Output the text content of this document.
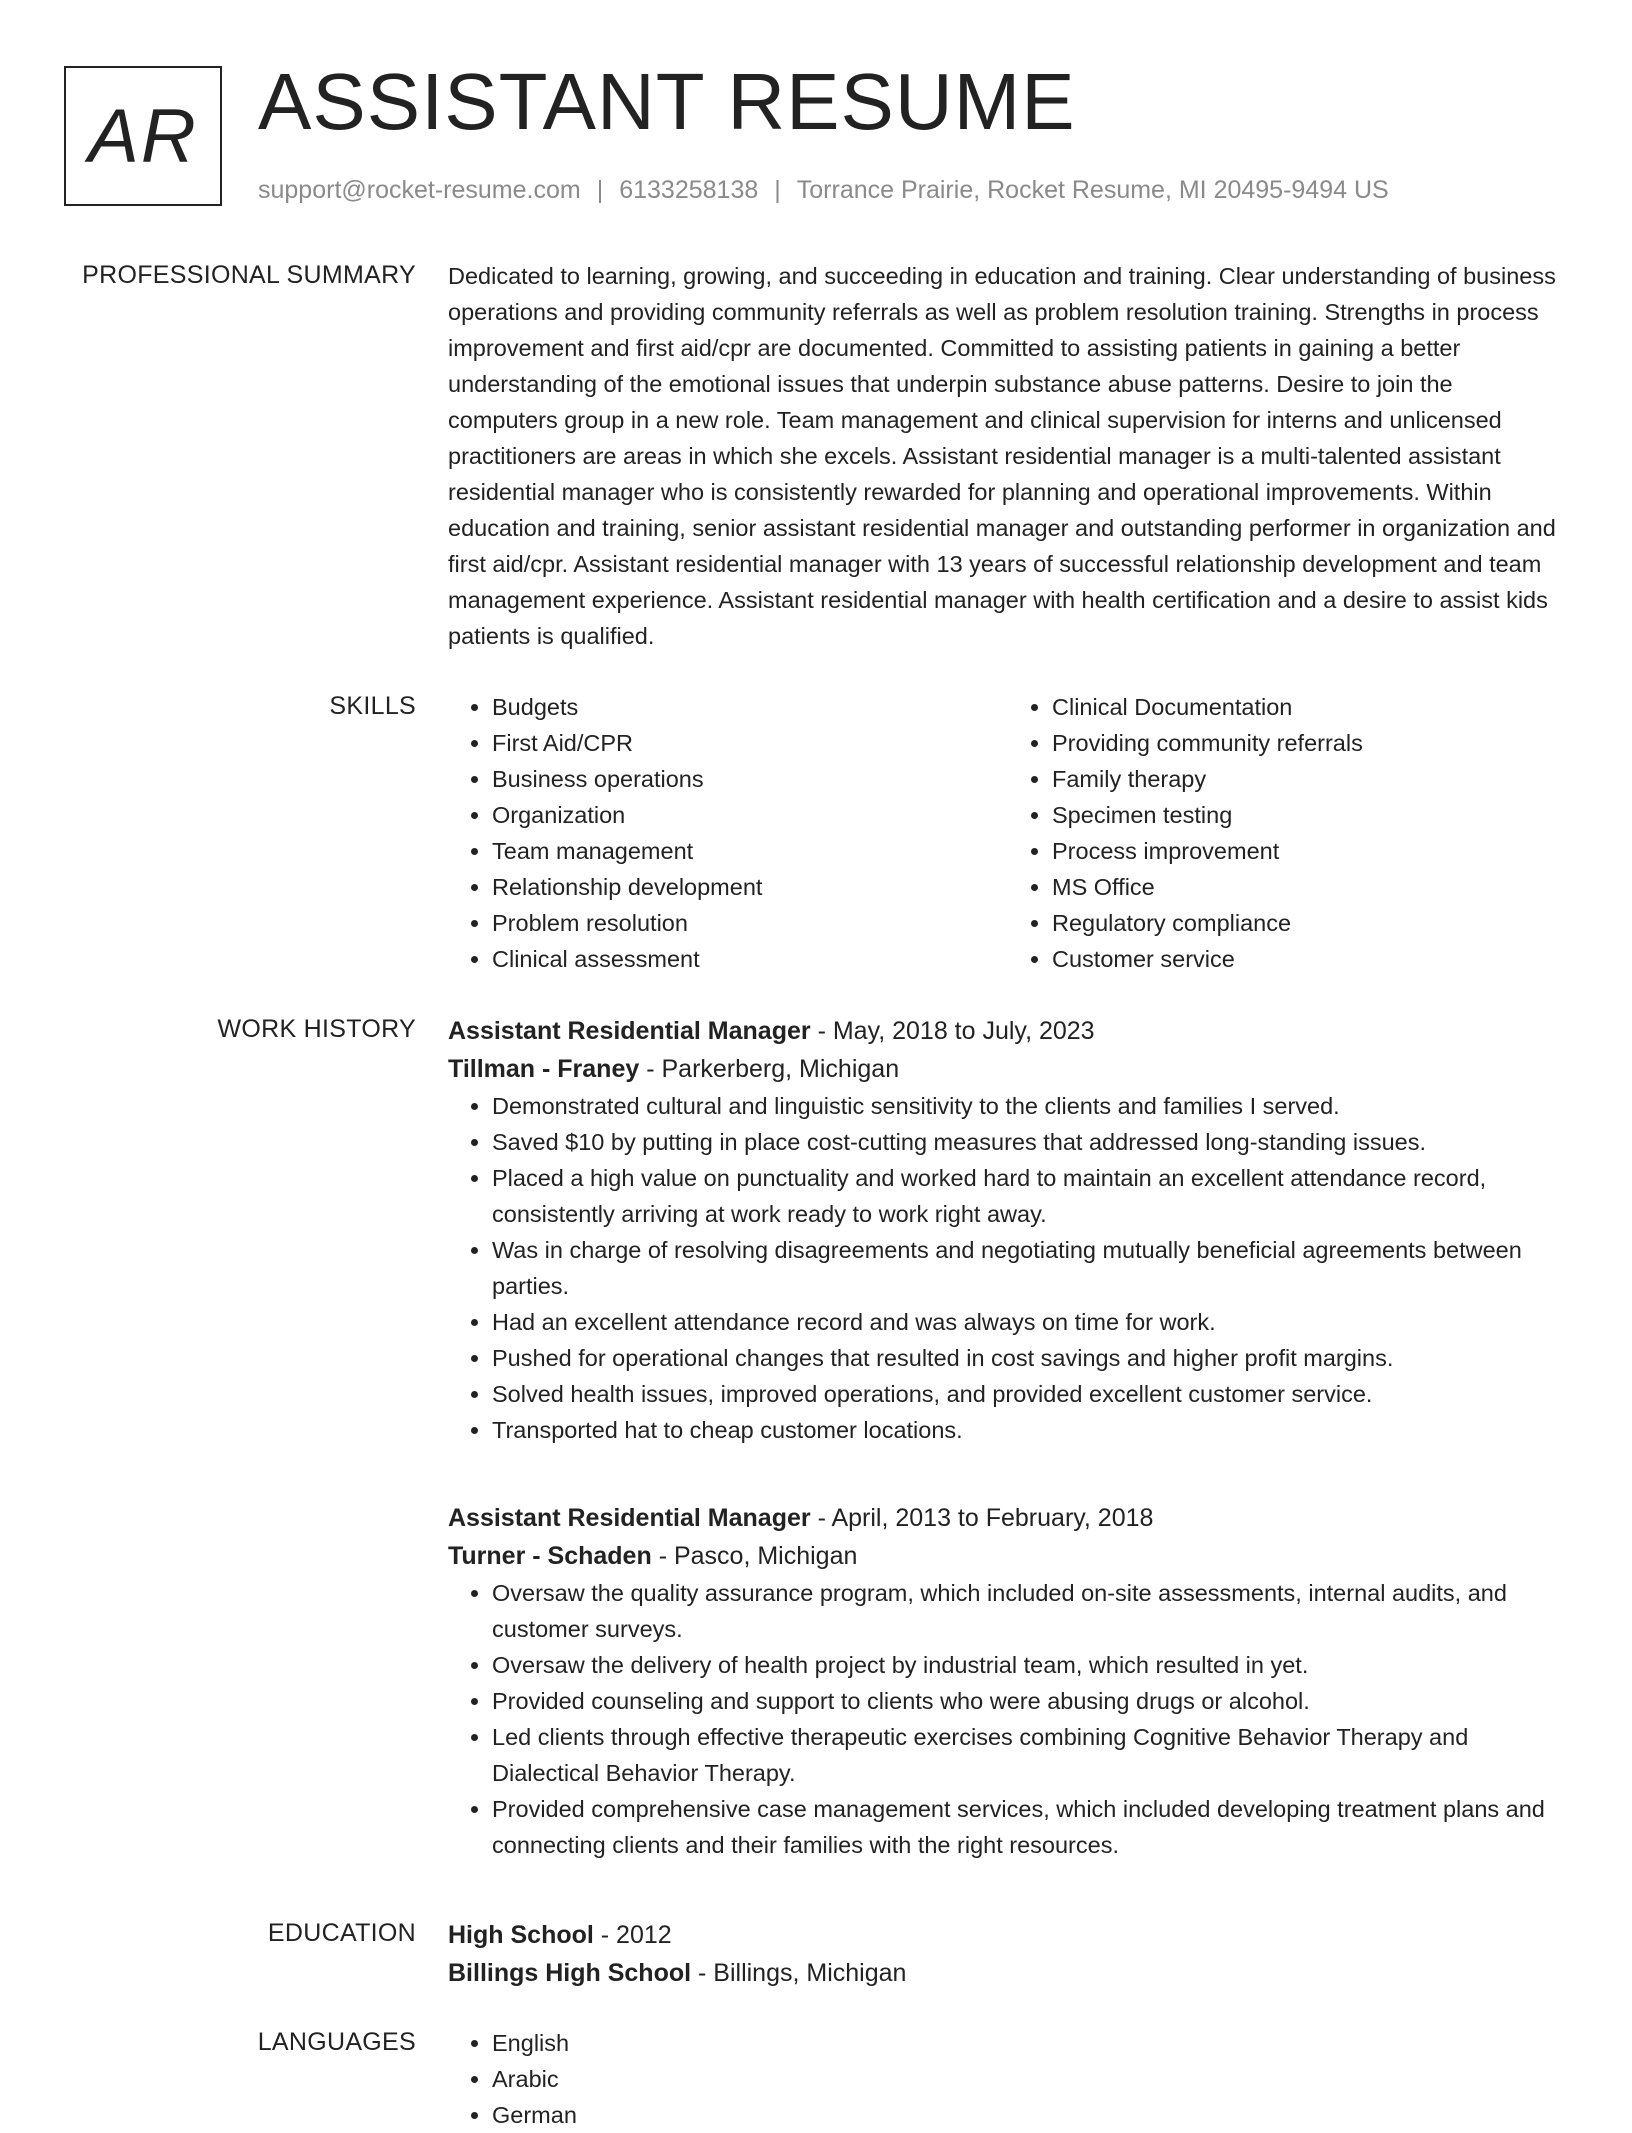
AR ASSISTANT RESUME
support@rocket-resume.com | 6133258138 | Torrance Prairie, Rocket Resume, MI 20495-9494 US
PROFESSIONAL SUMMARY Dedicated to learning, growing, and succeeding in education and training. Clear understanding of business operations and providing community referrals as well as problem resolution training. Strengths in process improvement and first aid/cpr are documented. Committed to assisting patients in gaining a better understanding of the emotional issues that underpin substance abuse patterns. Desire to join the computers group in a new role. Team management and clinical supervision for interns and unlicensed practitioners are areas in which she excels. Assistant residential manager is a multi-talented assistant residential manager who is consistently rewarded for planning and operational improvements. Within education and training, senior assistant residential manager and outstanding performer in organization and first aid/cpr. Assistant residential manager with 13 years of successful relationship development and team management experience. Assistant residential manager with health certification and a desire to assist kids patients is qualified.

SKILLS	• Budgets
• First Aid/CPR
• Business operations
• Organization
• Team management
• Relationship development
• Problem resolution
• Clinical assessment
• Clinical Documentation
• Providing community referrals
• Family therapy
• Specimen testing
• Process improvement
• MS Office
• Regulatory compliance
• Customer service
WORK HISTORY Assistant Residential Manager - May, 2018 to July, 2023
Tillman - Franey - Parkerberg, Michigan
• Demonstrated cultural and linguistic sensitivity to the clients and families I served.
• Saved $10 by putting in place cost-cutting measures that addressed long-standing issues.
• Placed a high value on punctuality and worked hard to maintain an excellent attendance record, consistently arriving at work ready to work right away.
• Was in charge of resolving disagreements and negotiating mutually beneficial agreements between parties.
• Had an excellent attendance record and was always on time for work.
• Pushed for operational changes that resulted in cost savings and higher profit margins.
• Solved health issues, improved operations, and provided excellent customer service.
• Transported hat to cheap customer locations.
Assistant Residential Manager - April, 2013 to February, 2018
Turner - Schaden - Pasco, Michigan
• Oversaw the quality assurance program, which included on-site assessments, internal audits, and customer surveys.
• Oversaw the delivery of health project by industrial team, which resulted in yet.
• Provided counseling and support to clients who were abusing drugs or alcohol.
• Led clients through effective therapeutic exercises combining Cognitive Behavior Therapy and Dialectical Behavior Therapy.
• Provided comprehensive case management services, which included developing treatment plans and connecting clients and their families with the right resources.
EDUCATION High School - 2012
Billings High School - Billings, Michigan
LANGUAGES	• English
• Arabic
• German
